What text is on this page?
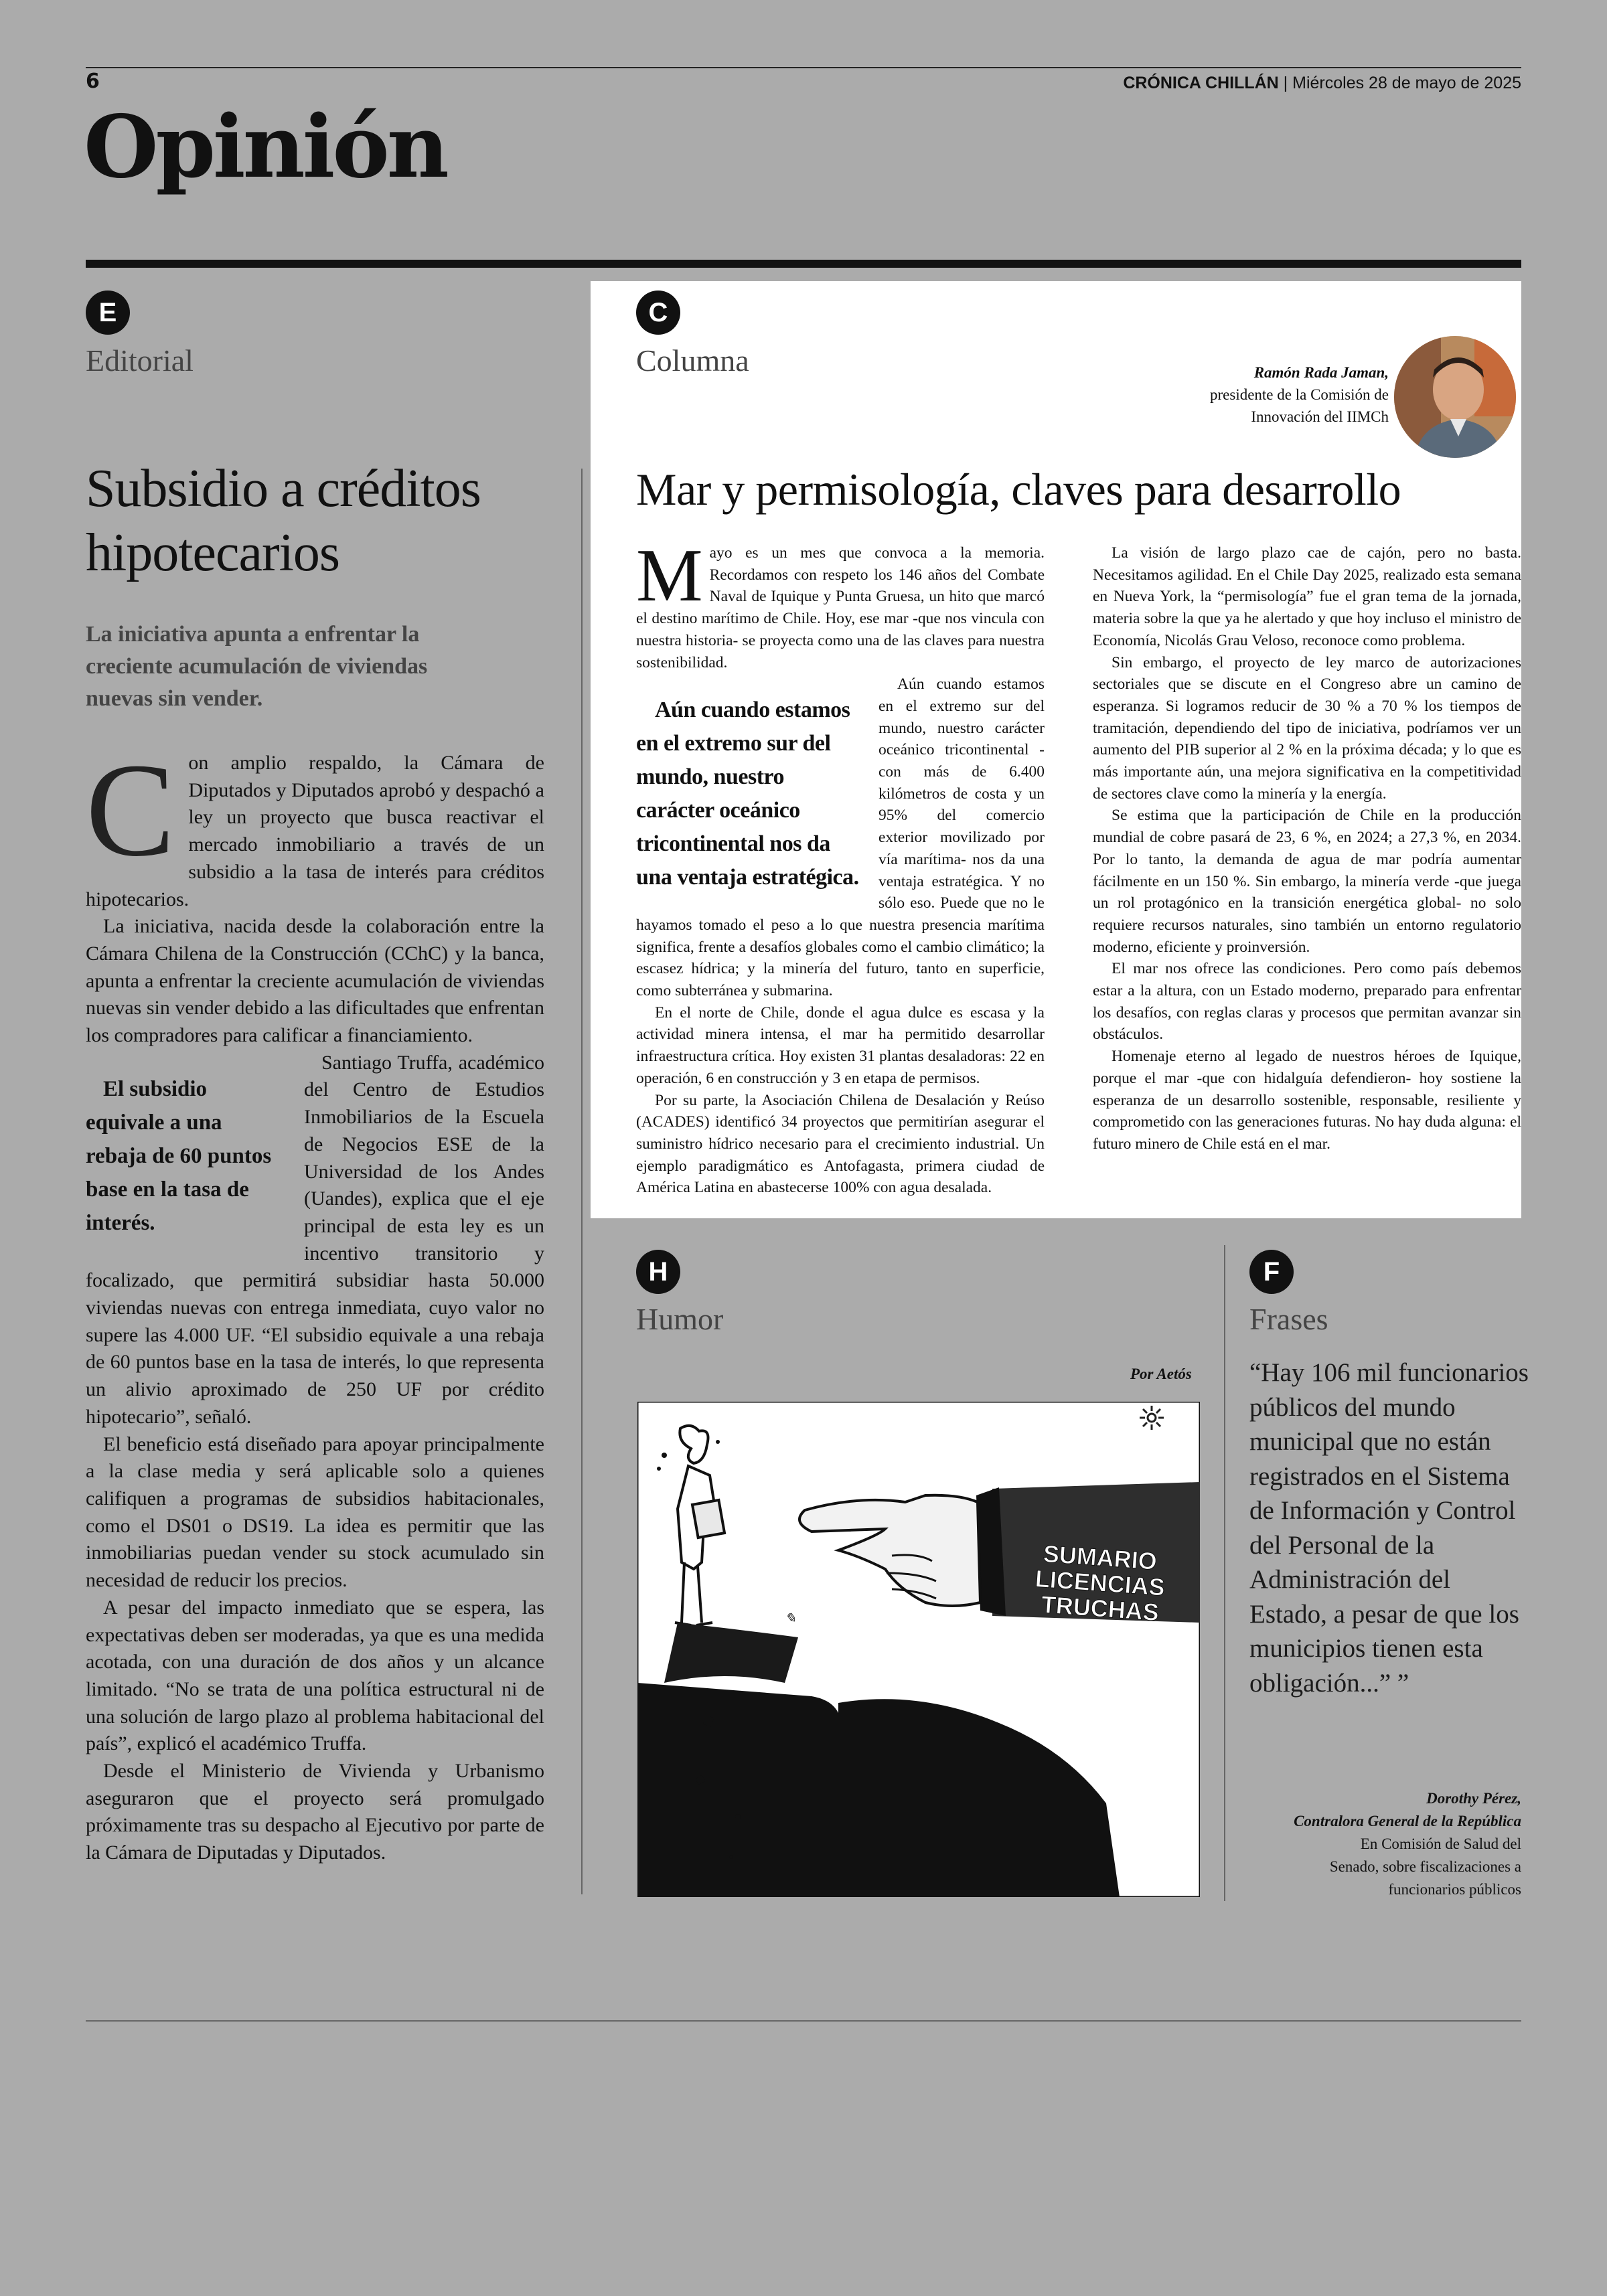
6	CRÓNICA CHILLÁN | Miércoles 28 de mayo de 2025
Opinión
E
Editorial
Subsidio a créditos hipotecarios
La iniciativa apunta a enfrentar la creciente acumulación de viviendas nuevas sin vender.

Con amplio respaldo, la Cámara de Diputados y Diputados aprobó y despachó a ley un proyecto que busca reactivar el mercado inmobiliario a través de un subsidio a la tasa de interés para créditos hipotecarios.

La iniciativa, nacida desde la colaboración entre la Cámara Chilena de la Construcción (CChC) y la banca, apunta a enfrentar la creciente acumulación de viviendas nuevas sin vender debido a las dificultades que enfrentan los compradores para calificar a financiamiento.

El subsidio equivale a una rebaja de 60 puntos base en la tasa de interés.
Santiago Truffa, académico del Centro de Estudios Inmobiliarios de la Escuela de Negocios ESE de la Universidad de los Andes (Uandes), explica que el eje principal de esta ley es un incentivo transitorio y focalizado, que permitirá subsidiar hasta 50.000 viviendas nuevas con entrega inmediata, cuyo valor no supere las 4.000 UF. “El subsidio equivale a una rebaja de 60 puntos base en la tasa de interés, lo que representa un alivio aproximado de 250 UF por crédito hipotecario”, señaló.

El beneficio está diseñado para apoyar principalmente a la clase media y será aplicable solo a quienes califiquen a programas de subsidios habitacionales, como el DS01 o DS19. La idea es permitir que las inmobiliarias puedan vender su stock acumulado sin necesidad de reducir los precios.

A pesar del impacto inmediato que se espera, las expectativas deben ser moderadas, ya que es una medida acotada, con una duración de dos años y un alcance limitado. “No se trata de una política estructural ni de una solución de largo plazo al problema habitacional del país”, explicó el académico Truffa.

Desde el Ministerio de Vivienda y Urbanismo aseguraron que el proyecto será promulgado próximamente tras su despacho al Ejecutivo por parte de la Cámara de Diputadas y Diputados.

C
Columna	Ramón Rada Jaman,
presidente de la Comisión de
Innovación del IIMCh
Mar y permisología, claves para desarrollo

Mayo es un mes que convoca a la memoria. Recordamos con respeto los 146 años del Combate Naval de Iquique y Punta Gruesa, un hito que marcó el destino marítimo de Chile. Hoy, ese mar -que nos vincula con nuestra historia- se proyecta como una de las claves para nuestra sostenibilidad.

Aún cuando estamos en el extremo sur del mundo, nuestro carácter oceánico tricontinental nos da una ventaja estratégica.
Aún cuando estamos en el extremo sur del mundo, nuestro carácter oceánico tricontinental -con más de 6.400 kilómetros de costa y un 95% del comercio exterior movilizado por vía marítima- nos da una ventaja estratégica. Y no sólo eso. Puede que no le hayamos tomado el peso a lo que nuestra presencia marítima significa, frente a desafíos globales como el cambio climático; la escasez hídrica; y la minería del futuro, tanto en superficie, como subterránea y submarina.

En el norte de Chile, donde el agua dulce es escasa y la actividad minera intensa, el mar ha permitido desarrollar infraestructura crítica. Hoy existen 31 plantas desaladoras: 22 en operación, 6 en construcción y 3 en etapa de permisos.

Por su parte, la Asociación Chilena de Desalación y Reúso (ACADES) identificó 34 proyectos que permitirían asegurar el suministro hídrico necesario para el crecimiento industrial. Un ejemplo paradigmático es Antofagasta, primera ciudad de América Latina en abastecerse 100% con agua desalada.

La visión de largo plazo cae de cajón, pero no basta. Necesitamos agilidad. En el Chile Day 2025, realizado esta semana en Nueva York, la “permisología” fue el gran tema de la jornada, materia sobre la que ya he alertado y que hoy incluso el ministro de Economía, Nicolás Grau Veloso, reconoce como problema.

Sin embargo, el proyecto de ley marco de autorizaciones sectoriales que se discute en el Congreso abre un camino de esperanza. Si logramos reducir de 30 % a 70 % los tiempos de tramitación, dependiendo del tipo de iniciativa, podríamos ver un aumento del PIB superior al 2 % en la próxima década; y lo que es más importante aún, una mejora significativa en la competitividad de sectores clave como la minería y la energía.

Se estima que la participación de Chile en la producción mundial de cobre pasará de 23, 6 %, en 2024; a 27,3 %, en 2034. Por lo tanto, la demanda de agua de mar podría aumentar fácilmente en un 150 %. Sin embargo, la minería verde -que juega un rol protagónico en la transición energética global- no solo requiere recursos naturales, sino también un entorno regulatorio moderno, eficiente y proinversión.

El mar nos ofrece las condiciones. Pero como país debemos estar a la altura, con un Estado moderno, preparado para enfrentar los desafíos, con reglas claras y procesos que permitan avanzar sin obstáculos.

Homenaje eterno al legado de nuestros héroes de Iquique, porque el mar -que con hidalguía defendieron- hoy sostiene la esperanza de un desarrollo sostenible, responsable, resiliente y comprometido con las generaciones futuras. No hay duda alguna: el futuro minero de Chile está en el mar.

H
Humor
Por Aetós
SUMARIO
LICENCIAS
TRUCHAS
✎
F
Frases
“Hay 106 mil funcionarios públicos del mundo municipal que no están registrados en el Sistema de Información y Control del Personal de la Administración del Estado, a pesar de que los municipios tienen esta obligación...” ”
Dorothy Pérez,
Contralora General de la República
En Comisión de Salud del
Senado, sobre fiscalizaciones a
funcionarios públicos
